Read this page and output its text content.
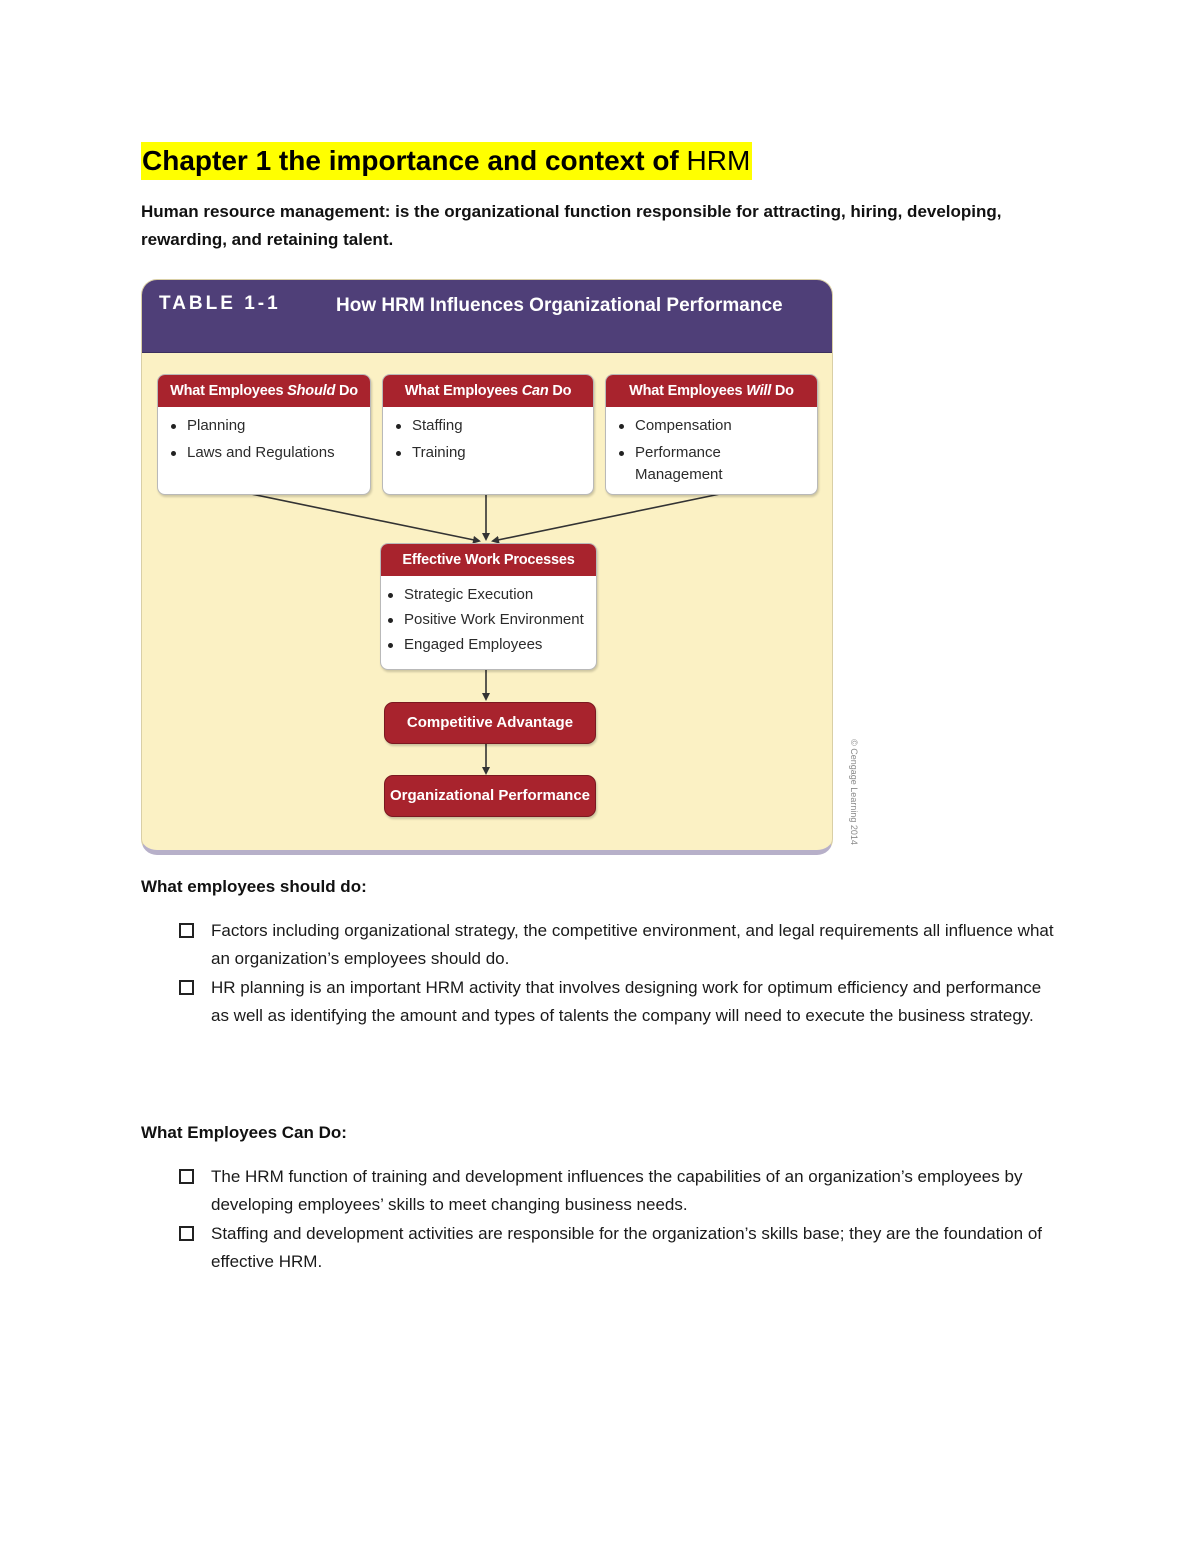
Chapter 1 the importance and context of HRM

Human resource management: is the organizational function responsible for attracting, hiring, developing, rewarding, and retaining talent.

TABLE 1-1	How HRM Influences Organizational Performance
What Employees Should Do
Planning
Laws and Regulations
What Employees Can Do
Staffing
Training
What Employees Will Do
Compensation
Performance Management
Effective Work Processes
Strategic Execution
Positive Work Environment
Engaged Employees
Competitive Advantage
Organizational Performance	© Cengage Learning 2014
What employees should do:
Factors including organizational strategy, the competitive environment, and legal requirements all influence what an organization’s employees should do.
HR planning is an important HRM activity that involves designing work for optimum efficiency and performance as well as identifying the amount and types of talents the company will need to execute the business strategy.
What Employees Can Do:
The HRM function of training and development influences the capabilities of an organization’s employees by developing employees’ skills to meet changing business needs.
Staffing and development activities are responsible for the organization’s skills base; they are the foundation of effective HRM.
